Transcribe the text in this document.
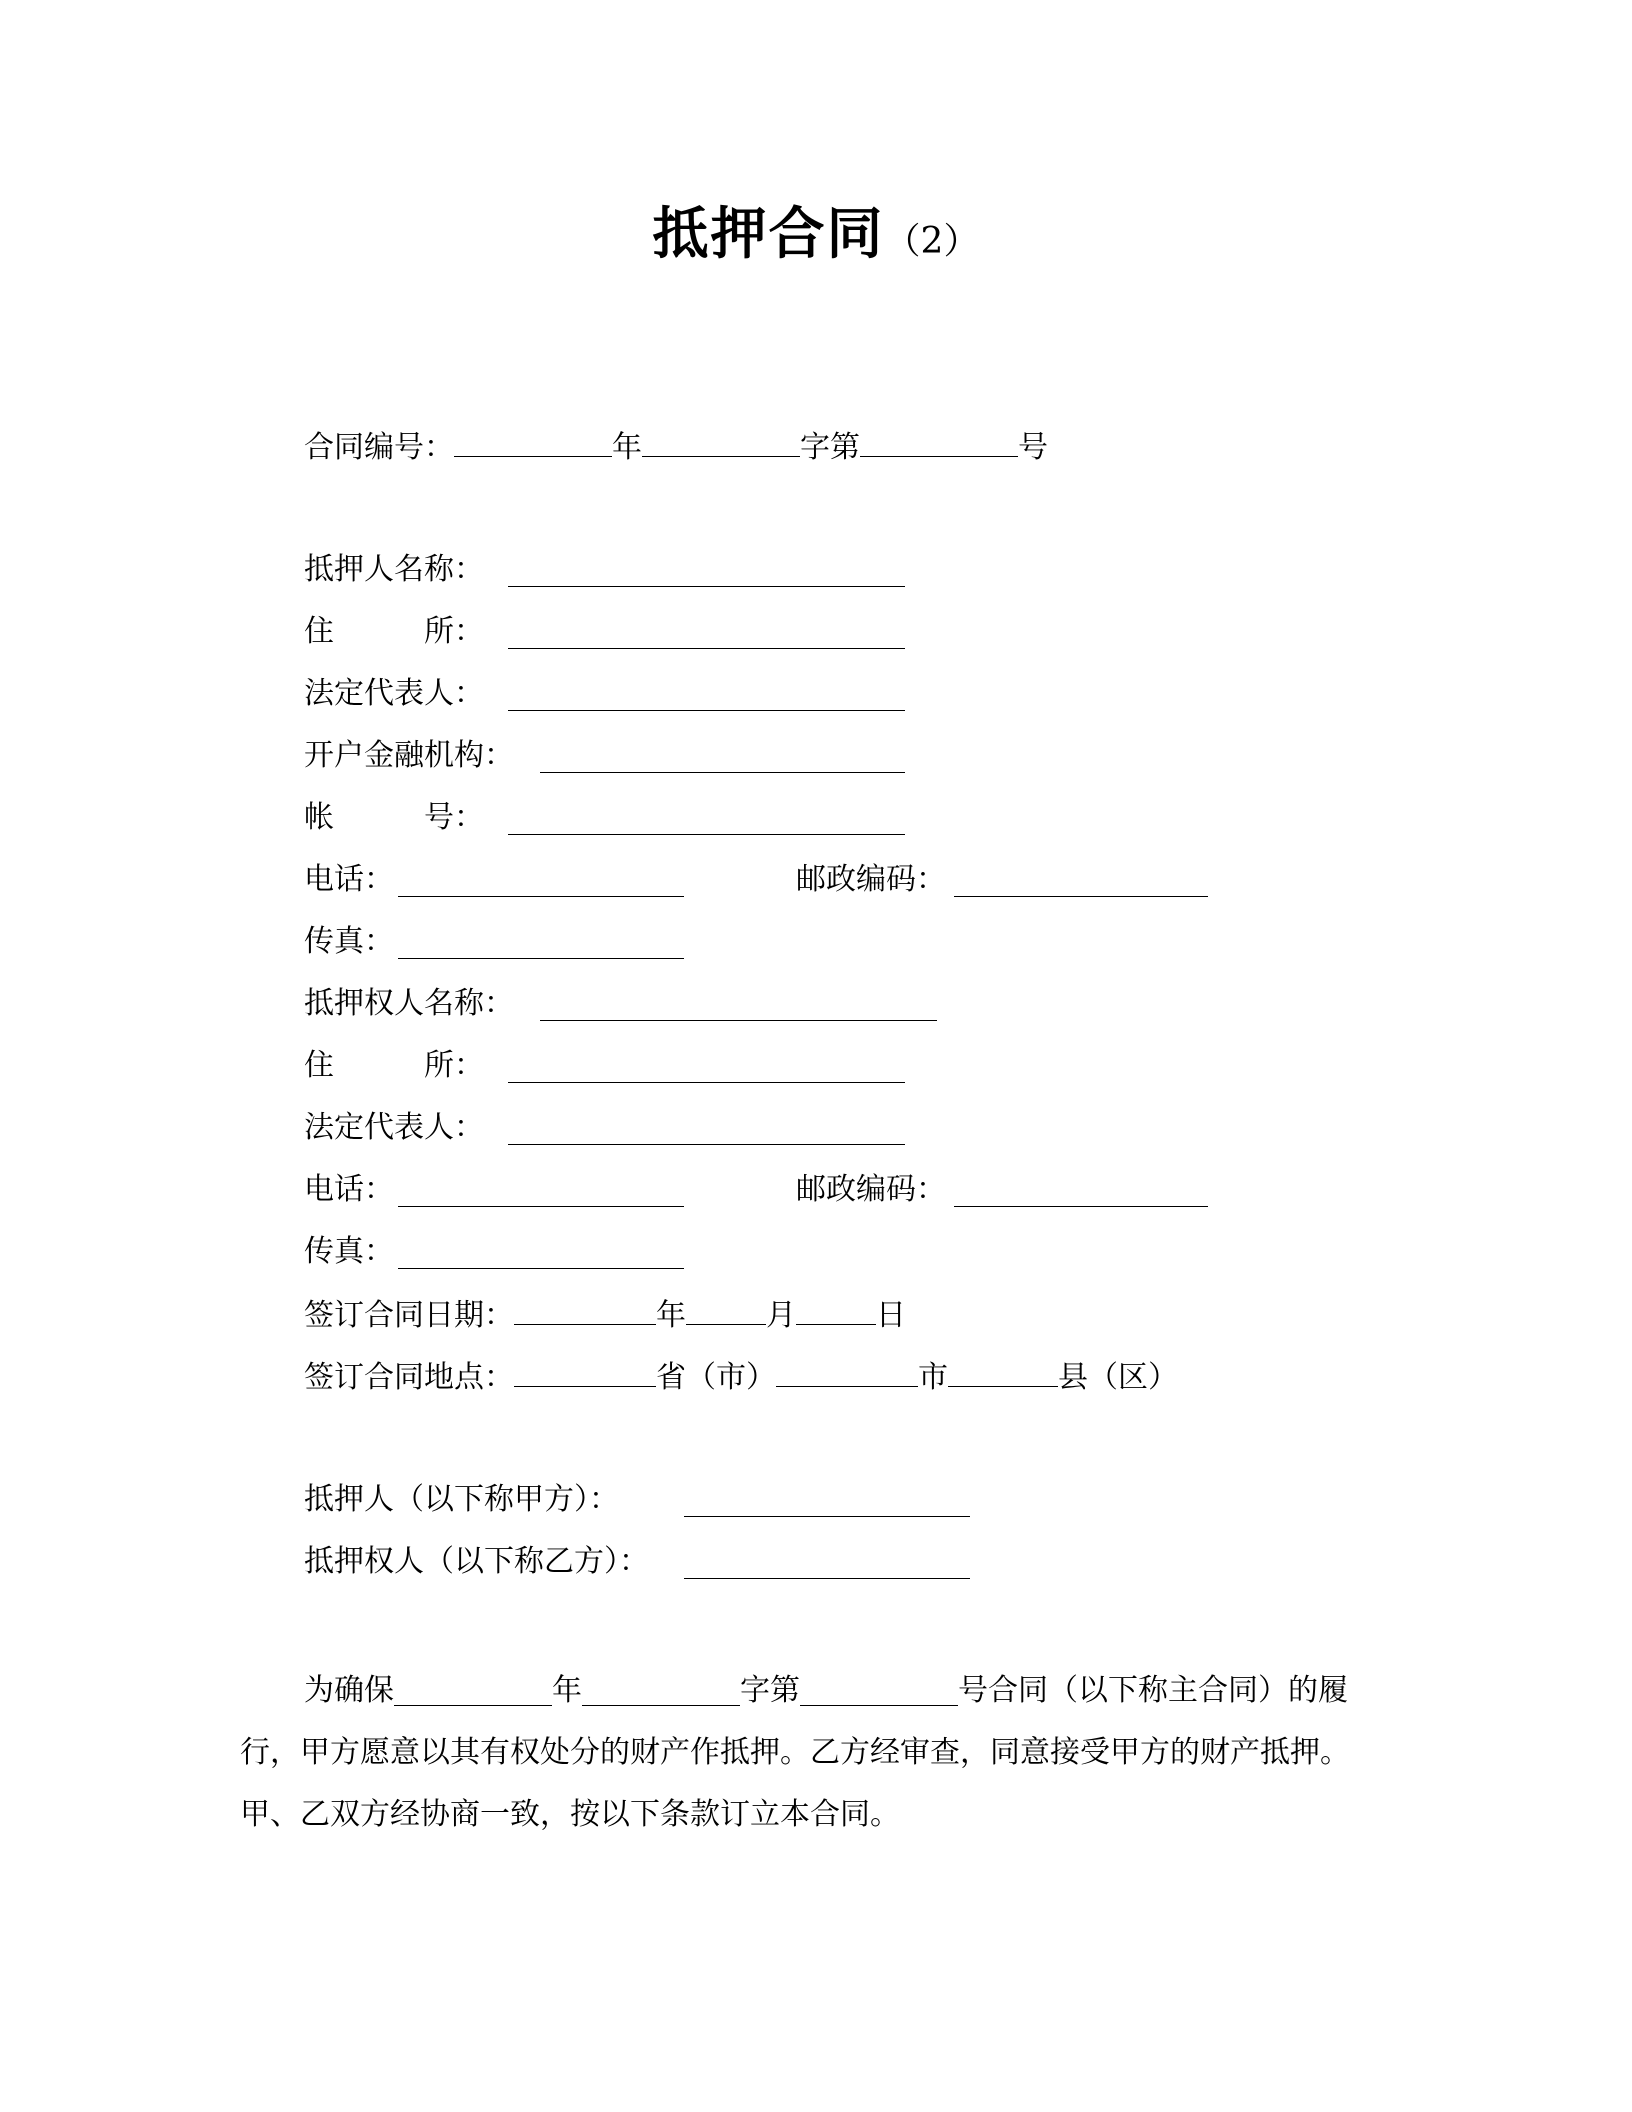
抵押合同（2）
合同编号：	年	字第	号
抵押人名称：
住　　　所：
法定代表人：
开户金融机构：
帐　　　号：
电话：	邮政编码：
传真：
抵押权人名称：
住　　　所：
法定代表人：
电话：	邮政编码：
传真：
签订合同日期：	年	月	日
签订合同地点：	省（市）	市	县（区）
抵押人（以下称甲方）：
抵押权人（以下称乙方）：
为确保	年	字第	号合同（以下称主合同）的履
行，甲方愿意以其有权处分的财产作抵押。乙方经审查，同意接受甲方的财产抵押。
甲、乙双方经协商一致，按以下条款订立本合同。
